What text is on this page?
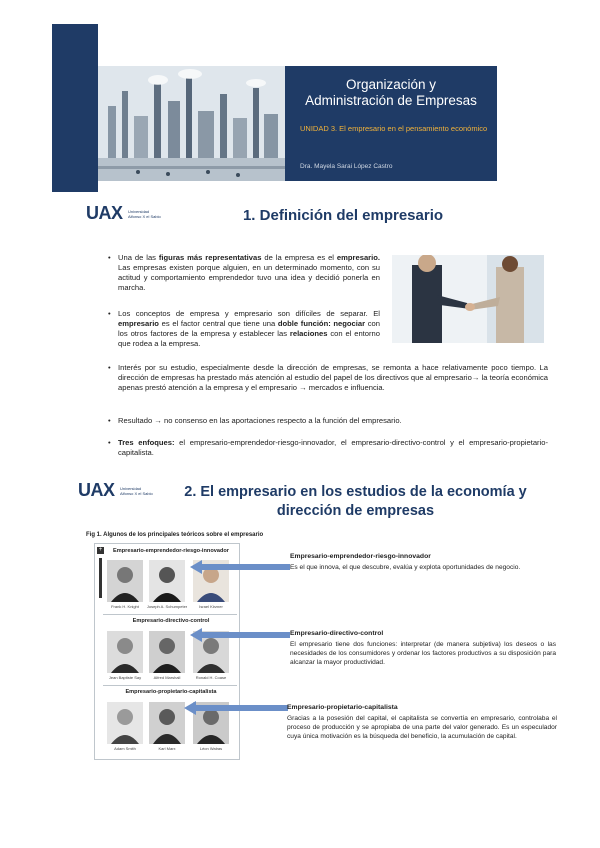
Organización y
Administración de Empresas
UNIDAD 3. El empresario en el pensamiento económico
Dra. Mayela Sarai López Castro
UAX Universidad
Alfonso X el Sabio	1. Definición del empresario
• Una de las figuras más representativas de la empresa es el empresario. Las empresas existen porque alguien, en un determinado momento, con su actitud y comportamiento emprendedor tuvo una idea y decidió ponerla en marcha.
• Los conceptos de empresa y empresario son difíciles de separar. El empresario es el factor central que tiene una doble función: negociar con los otros factores de la empresa y establecer las relaciones con el entorno que rodea a la empresa.
• Interés por su estudio, especialmente desde la dirección de empresas, se remonta a hace relativamente poco tiempo. La dirección de empresas ha prestado más atención al estudio del papel de los directivos que al empresario→ la teoría económica apenas prestó atención a la empresa y el empresario → mercados e influencia.
• Resultado → no consenso en las aportaciones respecto a la función del empresario.
• Tres enfoques: el empresario-emprendedor-riesgo-innovador, el empresario-directivo-control y el empresario-propietario-capitalista.
UAX Universidad
Alfonso X el Sabio	2. El empresario en los estudios de la economía y
dirección de empresas
Fig 1. Algunos de los principales teóricos sobre el empresario
+	Empresario-emprendedor-riesgo-innovador
Frank H. Knight	Joseph A. Schumpeter	Israel Kirzner
Empresario-directivo-control
Jean Baptiste Say	Alfred Marshall	Ronald H. Coase
Empresario-propietario-capitalista
Adam Smith	Karl Marx	Léon Walras
Empresario-emprendedor-riesgo-innovador
Es el que innova, el que descubre, evalúa y explota oportunidades de negocio.
Empresario-directivo-control
El empresario tiene dos funciones: interpretar (de manera subjetiva) los deseos o las necesidades de los consumidores y ordenar los factores productivos a su disposición para alcanzar la mayor productividad.
Empresario-propietario-capitalista
Gracias a la posesión del capital, el capitalista se convertía en empresario, controlaba el proceso de producción y se apropiaba de una parte del valor generado. Es un especulador cuya única motivación es la búsqueda del beneficio, la acumulación de capital.
